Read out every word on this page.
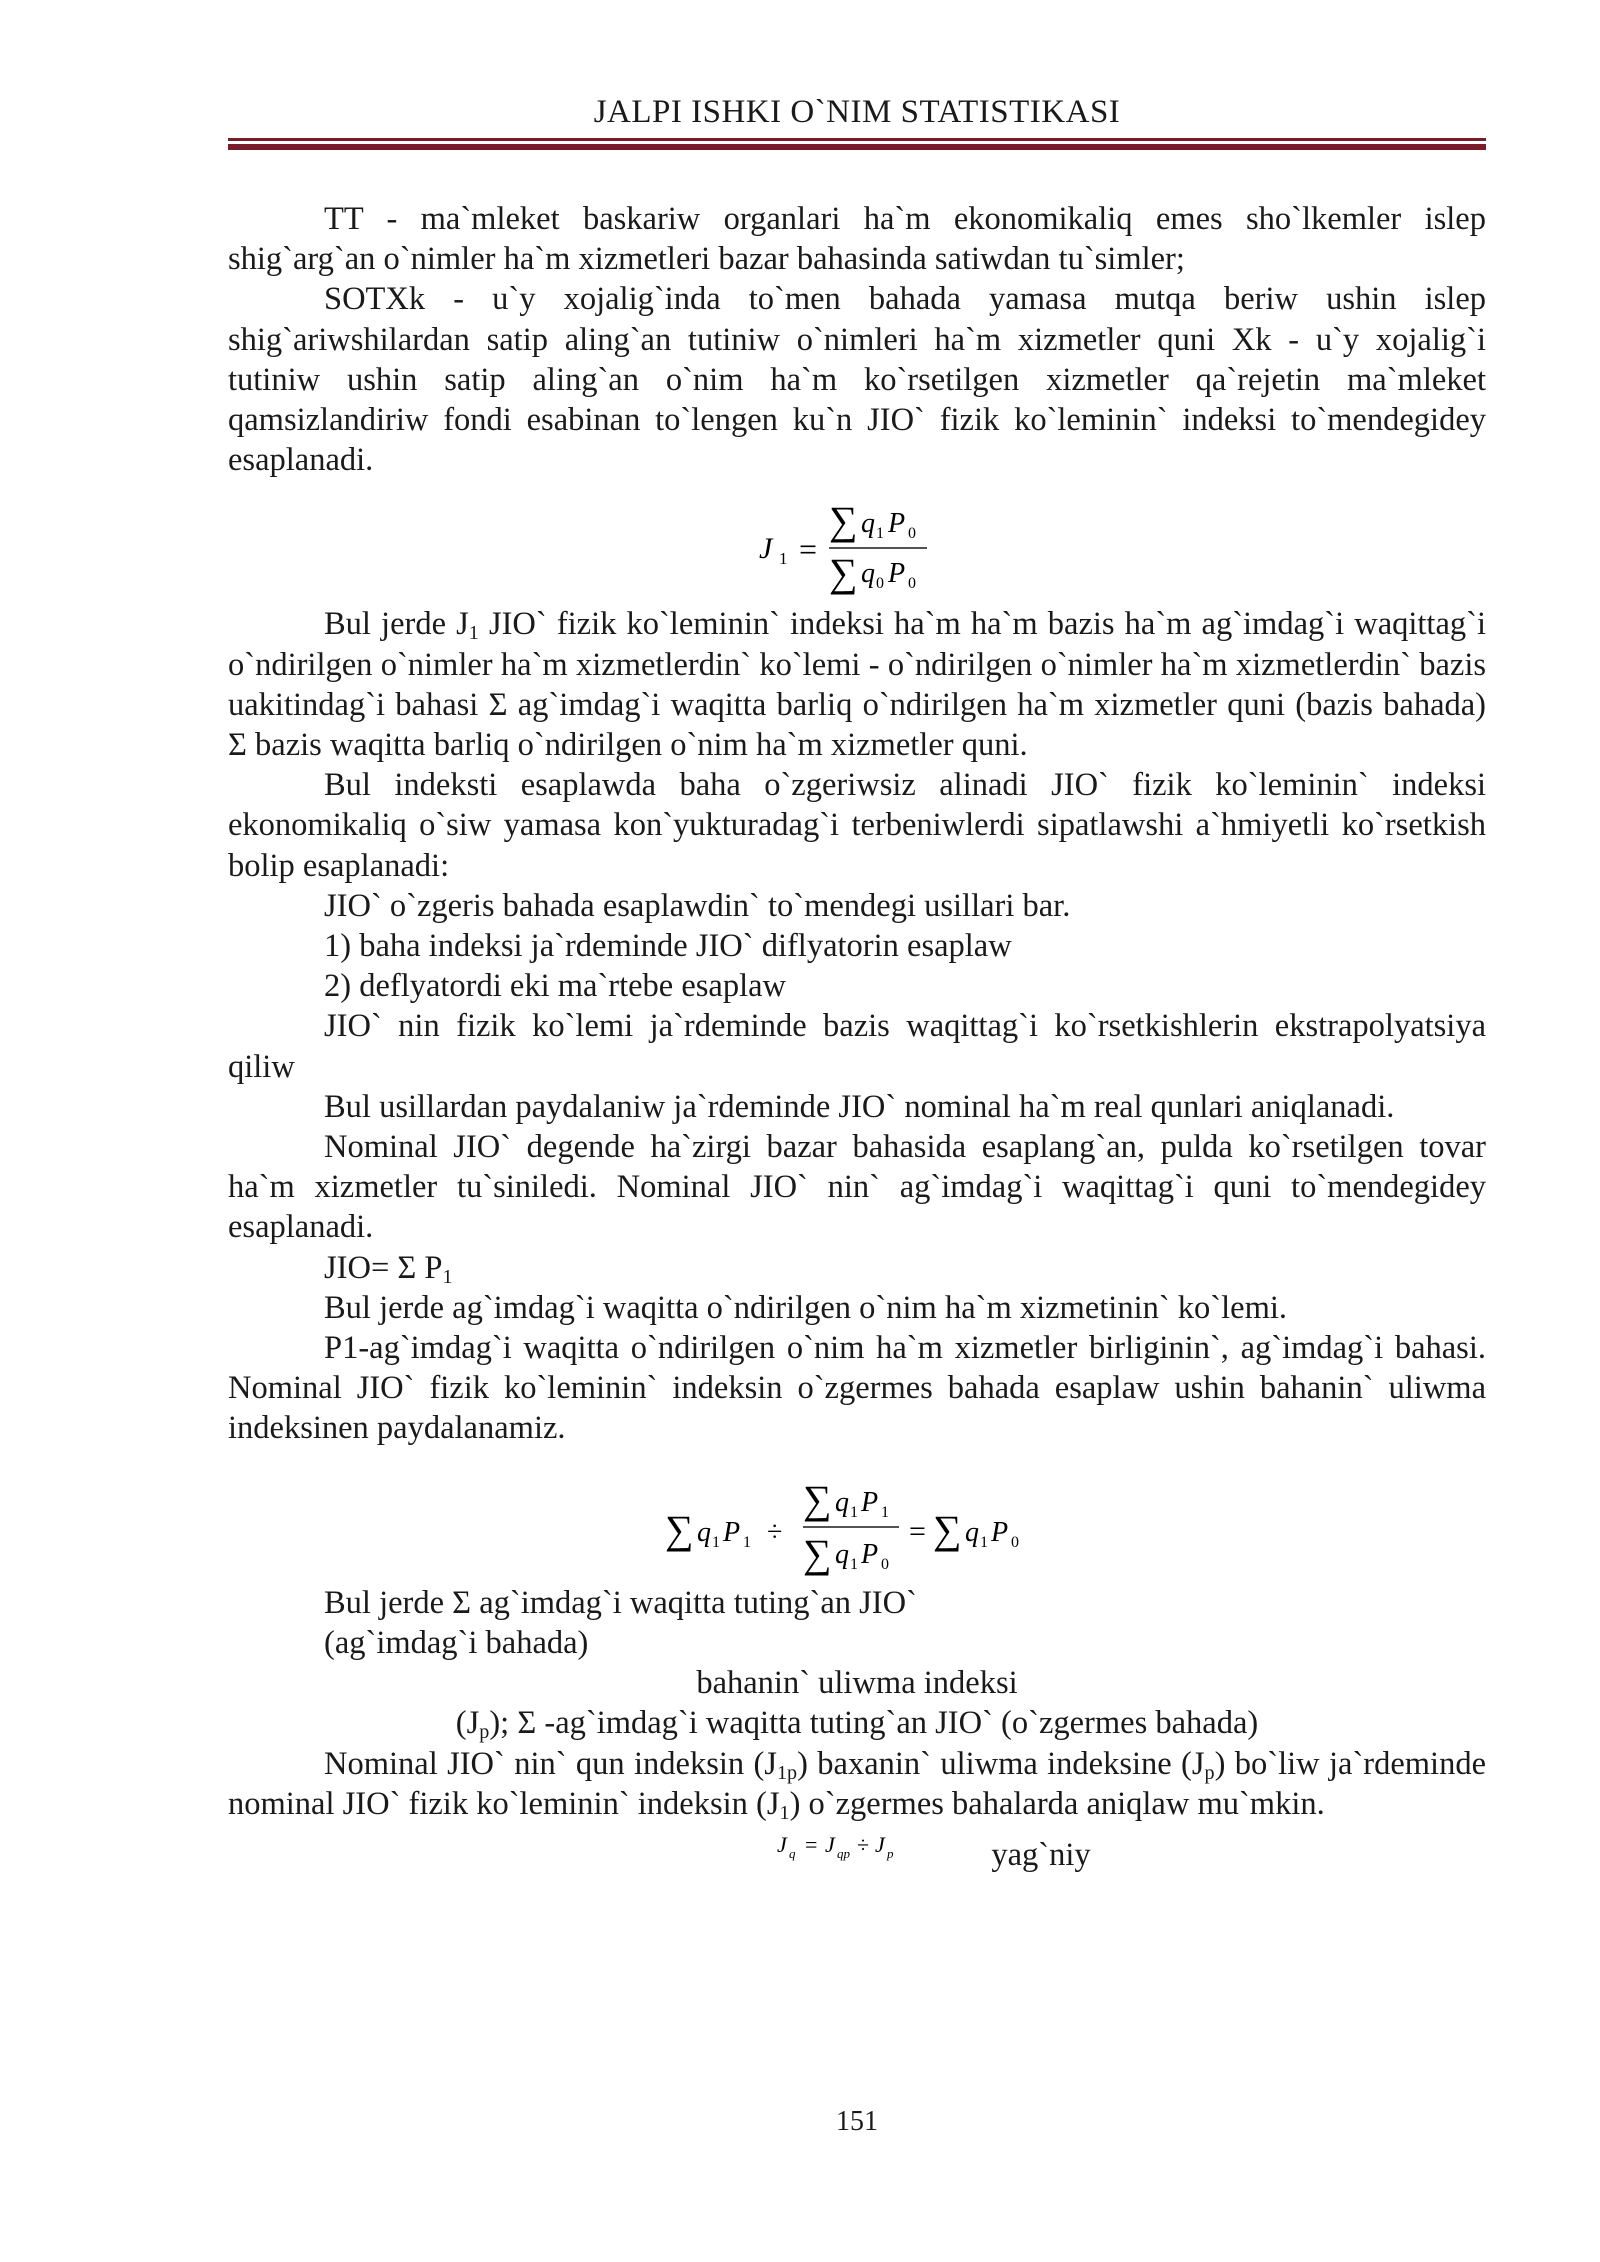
JALPI ISHKI O`NIM STATISTIKASI

TT - ma`mleket baskariw organlari ha`m ekonomikaliq emes sho`lkemler islep shig`arg`an o`nimler ha`m xizmetleri bazar bahasinda satiwdan tu`simler;

SOTXk - u`y xojalig`inda to`men bahada yamasa mutqa beriw ushin islep shig`ariwshilardan satip aling`an tutiniw o`nimleri ha`m xizmetler quni Xk - u`y xojalig`i tutiniw ushin satip aling`an o`nim ha`m ko`rsetilgen xizmetler qa`rejetin ma`mleket qamsizlandiriw fondi esabinan to`lengen ku`n JIO` fizik ko`leminin` indeksi to`mendegidey esaplanadi.

J 1 =
∑ q 1 P 0
∑ q 0 P 0

Bul jerde $J_1$ JIO` fizik ko`leminin` indeksi ha`m ha`m bazis ha`m ag`imdag`i waqittag`i o`ndirilgen o`nimler ha`m xizmetlerdin` ko`lemi - o`ndirilgen o`nimler ha`m xizmetlerdin` bazis uakitindag`i bahasi Σ ag`imdag`i waqitta barliq o`ndirilgen ha`m xizmetler quni (bazis bahada) Σ bazis waqitta barliq o`ndirilgen o`nim ha`m xizmetler quni.

Bul indeksti esaplawda baha o`zgeriwsiz alinadi JIO` fizik ko`leminin` indeksi ekonomikaliq o`siw yamasa kon`yukturadag`i terbeniwlerdi sipatlawshi a`hmiyetli ko`rsetkish bolip esaplanadi:

JIO` o`zgeris bahada esaplawdin` to`mendegi usillari bar.

1) baha indeksi ja`rdeminde JIO` diflyatorin esaplaw

2) deflyatordi eki ma`rtebe esaplaw

JIO` nin fizik ko`lemi ja`rdeminde bazis waqittag`i ko`rsetkishlerin ekstrapolyatsiya qiliw

Bul usillardan paydalaniw ja`rdeminde JIO` nominal ha`m real qunlari aniqlanadi.

Nominal JIO` degende ha`zirgi bazar bahasida esaplang`an, pulda ko`rsetilgen tovar ha`m xizmetler tu`siniledi. Nominal JIO` nin` ag`imdag`i waqittag`i quni to`mendegidey esaplanadi.

JIO= Σ $P_1$

Bul jerde ag`imdag`i waqitta o`ndirilgen o`nim ha`m xizmetinin` ko`lemi.

P1-ag`imdag`i waqitta o`ndirilgen o`nim ha`m xizmetler birliginin`, ag`imdag`i bahasi. Nominal JIO` fizik ko`leminin` indeksin o`zgermes bahada esaplaw ushin bahanin` uliwma indeksinen paydalanamiz.

∑ q 1 P 1 ÷
∑ q 1 P 1
∑ q 1 P 0
= ∑ q 1 P 0

Bul jerde Σ ag`imdag`i waqitta tuting`an JIO`

(ag`imdag`i bahada)

bahanin` uliwma indeksi

$(J_p)$; Σ -ag`imdag`i waqitta tuting`an JIO` (o`zgermes bahada)

Nominal JIO` nin` qun indeksin $(J_{1p})$ baxanin` uliwma indeksine $(J_p)$ bo`liw ja`rdeminde nominal JIO` fizik ko`leminin` indeksin $(J_1)$ o`zgermes bahalarda aniqlaw mu`mkin.

J q = J qp ÷ J p	yag`niy
151
